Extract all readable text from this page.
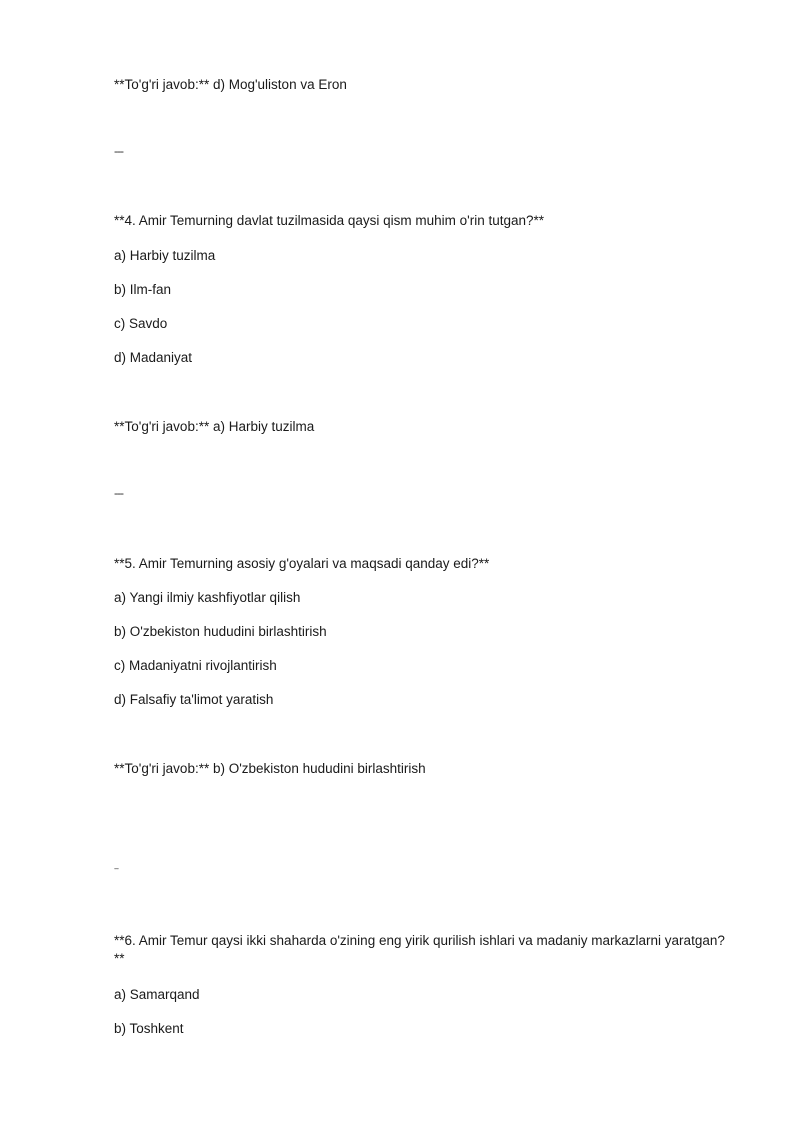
**To'g'ri javob:** d) Mog'uliston va Eron
---
**4. Amir Temurning davlat tuzilmasida qaysi qism muhim o'rin tutgan?**
a) Harbiy tuzilma
b) Ilm-fan
c) Savdo
d) Madaniyat
**To'g'ri javob:** a) Harbiy tuzilma
---
**5. Amir Temurning asosiy g'oyalari va maqsadi qanday edi?**
a) Yangi ilmiy kashfiyotlar qilish
b) O'zbekiston hududini birlashtirish
c) Madaniyatni rivojlantirish
d) Falsafiy ta'limot yaratish
**To'g'ri javob:** b) O'zbekiston hududini birlashtirish
---
**6. Amir Temur qaysi ikki shaharda o'zining eng yirik qurilish ishlari va madaniy markazlarni yaratgan?**
a) Samarqand
b) Toshkent
